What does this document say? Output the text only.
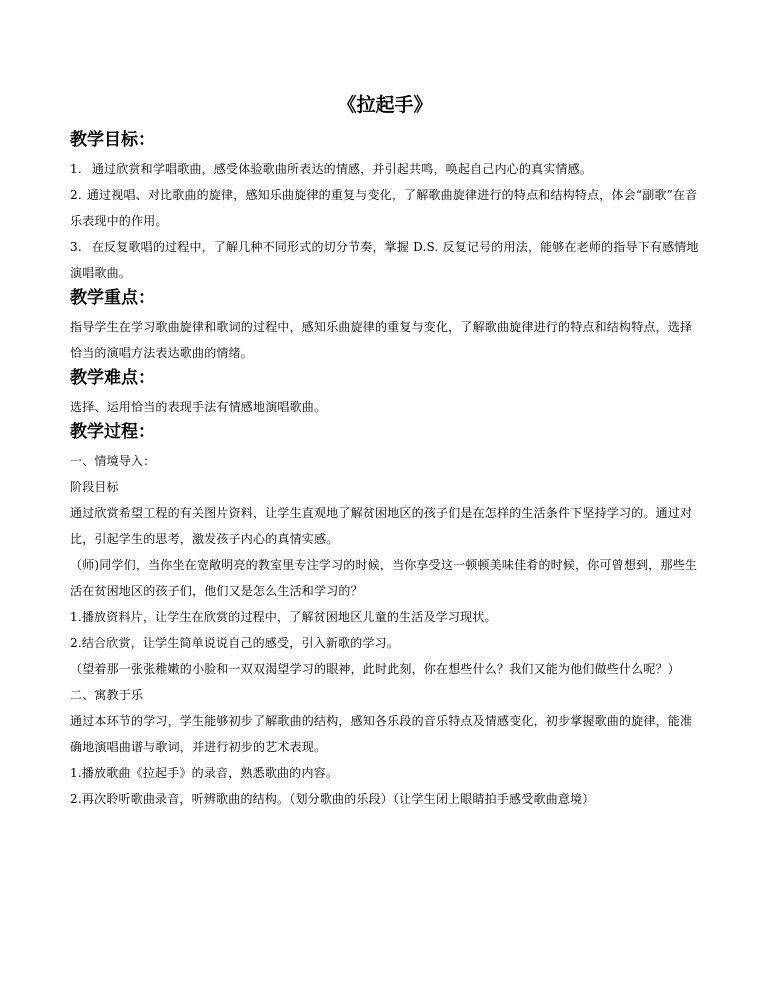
《拉起手》
教学目标：

1. 通过欣赏和学唱歌曲，感受体验歌曲所表达的情感，并引起共鸣，唤起自己内心的真实情感。

2. 通过视唱、对比歌曲的旋律，感知乐曲旋律的重复与变化，了解歌曲旋律进行的特点和结构特点，体会“副歌”在音乐表现中的作用。

3. 在反复歌唱的过程中，了解几种不同形式的切分节奏，掌握 D.S. 反复记号的用法，能够在老师的指导下有感情地演唱歌曲。

教学重点：

指导学生在学习歌曲旋律和歌词的过程中，感知乐曲旋律的重复与变化，了解歌曲旋律进行的特点和结构特点，选择恰当的演唱方法表达歌曲的情绪。

教学难点：

选择、运用恰当的表现手法有情感地演唱歌曲。

教学过程：

一、情境导入：

阶段目标

通过欣赏希望工程的有关图片资料，让学生直观地了解贫困地区的孩子们是在怎样的生活条件下坚持学习的。通过对比，引起学生的思考，激发孩子内心的真情实感。

（师)同学们，当你坐在宽敞明亮的教室里专注学习的时候，当你享受这一顿顿美味佳肴的时候，你可曾想到，那些生活在贫困地区的孩子们，他们又是怎么生活和学习的？

1.播放资料片，让学生在欣赏的过程中，了解贫困地区儿童的生活及学习现状。

2.结合欣赏，让学生简单说说自己的感受，引入新歌的学习。

（望着那一张张稚嫩的小脸和一双双渴望学习的眼神，此时此刻，你在想些什么？我们又能为他们做些什么呢？）

二、寓教于乐

通过本环节的学习，学生能够初步了解歌曲的结构，感知各乐段的音乐特点及情感变化，初步掌握歌曲的旋律，能准确地演唱曲谱与歌词，并进行初步的艺术表现。

1.播放歌曲《拉起手》的录音，熟悉歌曲的内容。

2.再次聆听歌曲录音，听辨歌曲的结构。（划分歌曲的乐段）（让学生闭上眼睛拍手感受歌曲意境）
